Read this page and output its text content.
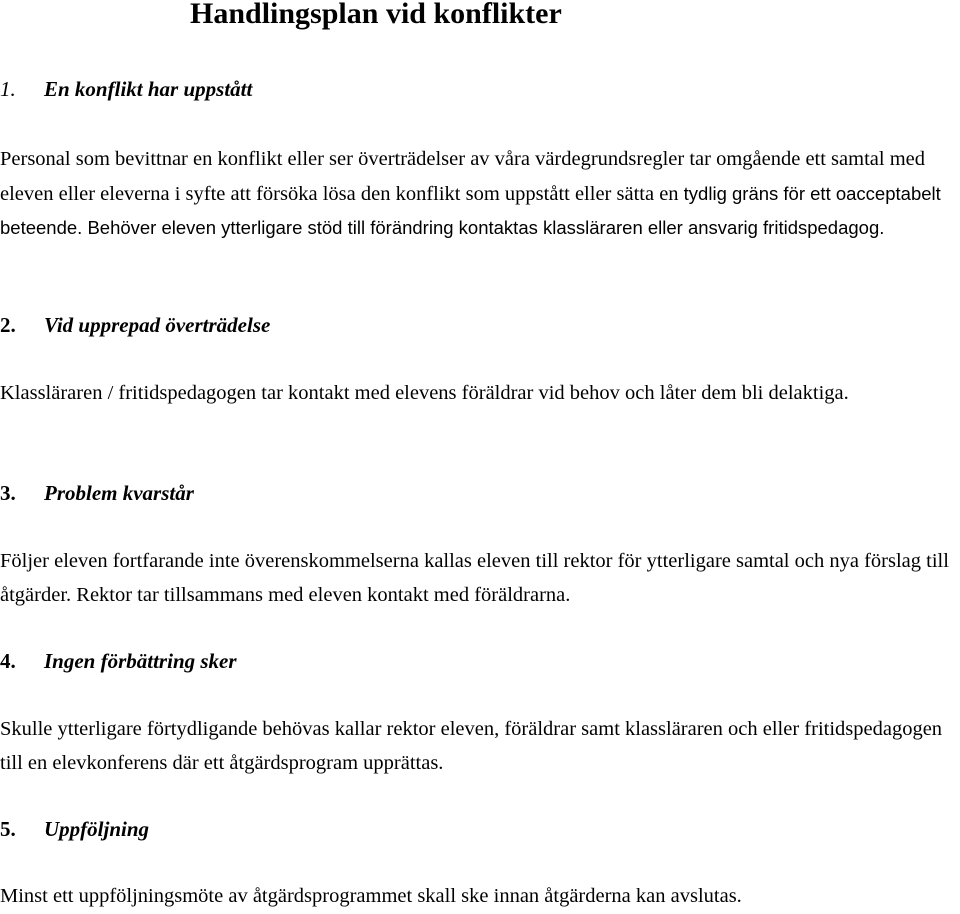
Handlingsplan vid konflikter
1. En konflikt har uppstått

Personal som bevittnar en konflikt eller ser överträdelser av våra värdegrundsregler tar omgående ett samtal med eleven eller eleverna i syfte att försöka lösa den konflikt som uppstått eller sätta en tydlig gräns för ett oacceptabelt beteende. Behöver eleven ytterligare stöd till förändring kontaktas klassläraren eller ansvarig fritidspedagog.

2. Vid upprepad överträdelse

Klassläraren / fritidspedagogen tar kontakt med elevens föräldrar vid behov och låter dem bli delaktiga.

3. Problem kvarstår

Följer eleven fortfarande inte överenskommelserna kallas eleven till rektor för ytterligare samtal och nya förslag till åtgärder. Rektor tar tillsammans med eleven kontakt med föräldrarna.

4. Ingen förbättring sker

Skulle ytterligare förtydligande behövas kallar rektor eleven, föräldrar samt klassläraren och eller fritidspedagogen till en elevkonferens där ett åtgärdsprogram upprättas.

5. Uppföljning

Minst ett uppföljningsmöte av åtgärdsprogrammet skall ske innan åtgärderna kan avslutas.
